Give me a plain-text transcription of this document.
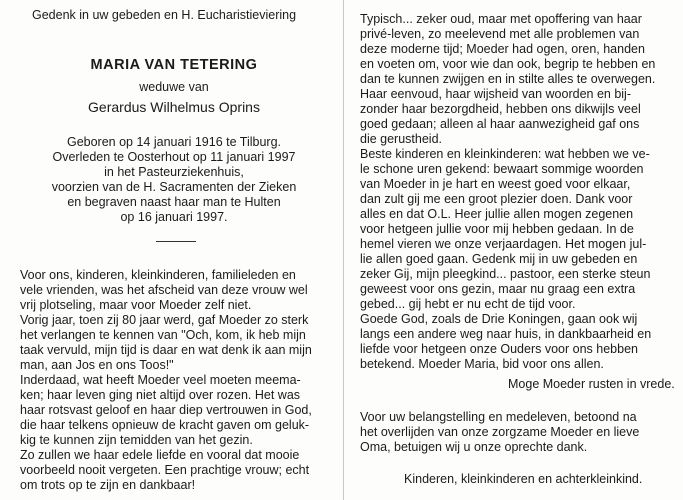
Gedenk in uw gebeden en H. Eucharistieviering
MARIA VAN TETERING
weduwe van
Gerardus Wilhelmus Oprins
Geboren op 14 januari 1916 te Tilburg.
Overleden te Oosterhout op 11 januari 1997
in het Pasteurziekenhuis,
voorzien van de H. Sacramenten der Zieken
en begraven naast haar man te Hulten
op 16 januari 1997.
Voor ons, kinderen, kleinkinderen, familieleden en
vele vrienden, was het afscheid van deze vrouw wel
vrij plotseling, maar voor Moeder zelf niet.
Vorig jaar, toen zij 80 jaar werd, gaf Moeder zo sterk
het verlangen te kennen van "Och, kom, ik heb mijn
taak vervuld, mijn tijd is daar en wat denk ik aan mijn
man, aan Jos en ons Toos!"
Inderdaad, wat heeft Moeder veel moeten meema-
ken; haar leven ging niet altijd over rozen. Het was
haar rotsvast geloof en haar diep vertrouwen in God,
die haar telkens opnieuw de kracht gaven om geluk-
kig te kunnen zijn temidden van het gezin.
Zo zullen we haar edele liefde en vooral dat mooie
voorbeeld nooit vergeten. Een prachtige vrouw; echt
om trots op te zijn en dankbaar!
Typisch... zeker oud, maar met opoffering van haar
privé-leven, zo meelevend met alle problemen van
deze moderne tijd; Moeder had ogen, oren, handen
en voeten om, voor wie dan ook, begrip te hebben en
dan te kunnen zwijgen en in stilte alles te overwegen.
Haar eenvoud, haar wijsheid van woorden en bij-
zonder haar bezorgdheid, hebben ons dikwijls veel
goed gedaan; alleen al haar aanwezigheid gaf ons
die gerustheid.
Beste kinderen en kleinkinderen: wat hebben we ve-
le schone uren gekend: bewaart sommige woorden
van Moeder in je hart en weest goed voor elkaar,
dan zult gij me een groot plezier doen. Dank voor
alles en dat O.L. Heer jullie allen mogen zegenen
voor hetgeen jullie voor mij hebben gedaan. In de
hemel vieren we onze verjaardagen. Het mogen jul-
lie allen goed gaan. Gedenk mij in uw gebeden en
zeker Gij, mijn pleegkind... pastoor, een sterke steun
geweest voor ons gezin, maar nu graag een extra
gebed... gij hebt er nu echt de tijd voor.
Goede God, zoals de Drie Koningen, gaan ook wij
langs een andere weg naar huis, in dankbaarheid en
liefde voor hetgeen onze Ouders voor ons hebben
betekend. Moeder Maria, bid voor ons allen.
Moge Moeder rusten in vrede.
Voor uw belangstelling en medeleven, betoond na
het overlijden van onze zorgzame Moeder en lieve
Oma, betuigen wij u onze oprechte dank.
Kinderen, kleinkinderen en achterkleinkind.
